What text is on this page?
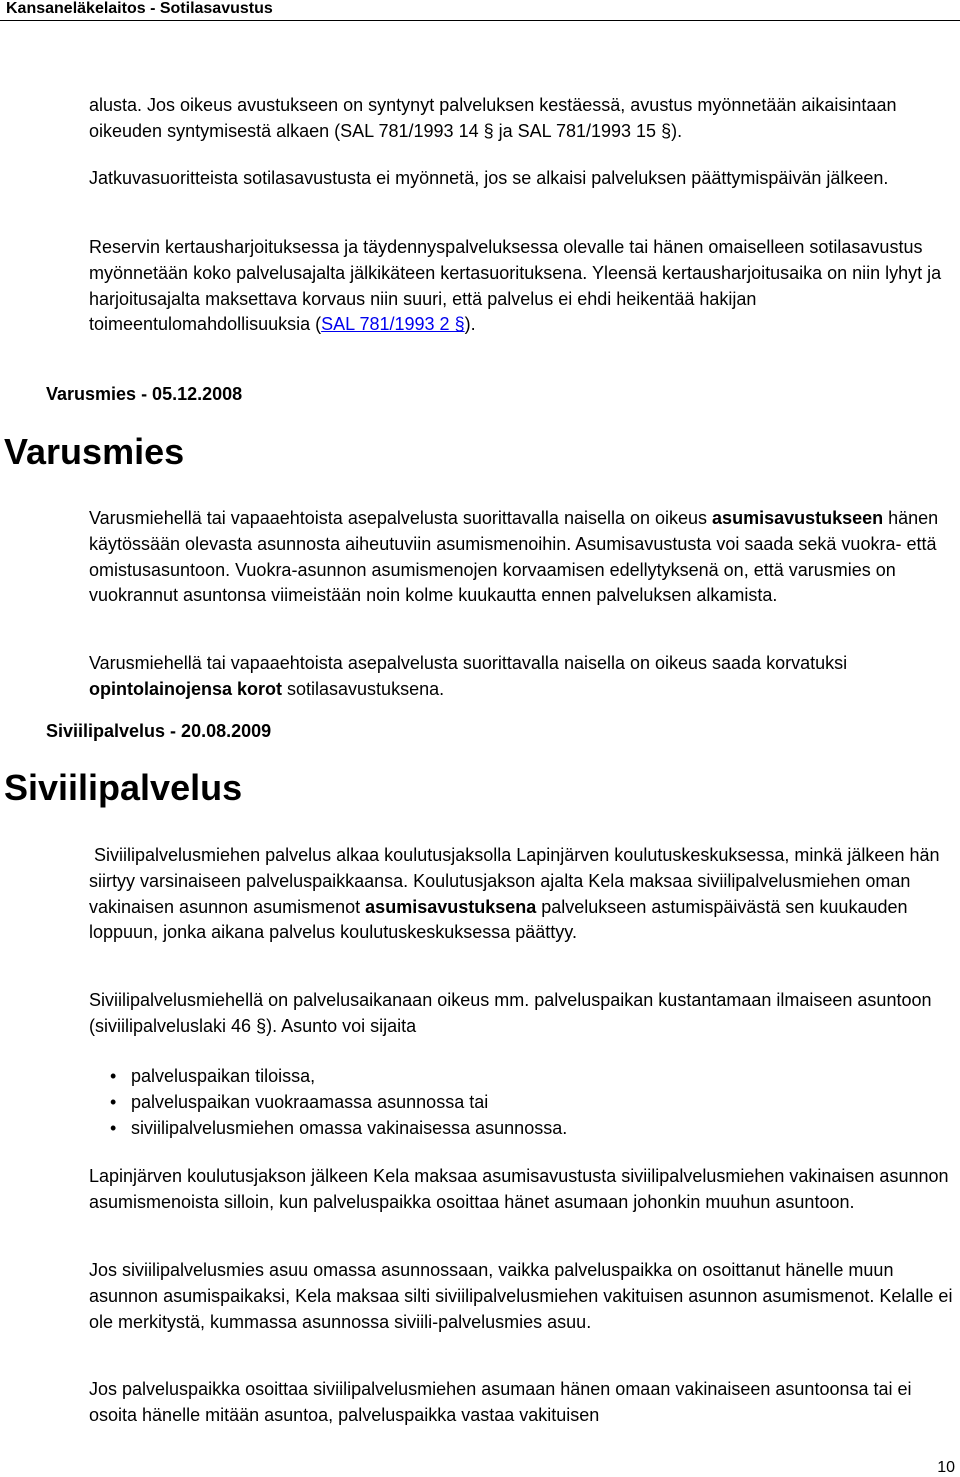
Kansaneläkelaitos - Sotilasavustus

alusta. Jos oikeus avustukseen on syntynyt palveluksen kestäessä, avustus myönnetään aikaisintaan oikeuden syntymisestä alkaen (SAL 781/1993 14 § ja SAL 781/1993 15 §).

Jatkuvasuoritteista sotilasavustusta ei myönnetä, jos se alkaisi palveluksen päättymispäivän jälkeen.

Reservin kertausharjoituksessa ja täydennyspalveluksessa olevalle tai hänen omaiselleen sotilasavustus myönnetään koko palvelusajalta jälkikäteen kertasuorituksena. Yleensä kertausharjoitusaika on niin lyhyt ja harjoitusajalta maksettava korvaus niin suuri, että palvelus ei ehdi heikentää hakijan toimeentulomahdollisuuksia (SAL 781/1993 2 §).

Varusmies - 05.12.2008

Varusmies

Varusmiehellä tai vapaaehtoista asepalvelusta suorittavalla naisella on oikeus asumisavustukseen hänen käytössään olevasta asunnosta aiheutuviin asumismenoihin. Asumisavustusta voi saada sekä vuokra- että omistusasuntoon. Vuokra-asunnon asumismenojen korvaamisen edellytyksenä on, että varusmies on vuokrannut asuntonsa viimeistään noin kolme kuukautta ennen palveluksen alkamista.

Varusmiehellä tai vapaaehtoista asepalvelusta suorittavalla naisella on oikeus saada korvatuksi opintolainojensa korot sotilasavustuksena.

Siviilipalvelus - 20.08.2009

Siviilipalvelus

Siviilipalvelusmiehen palvelus alkaa koulutusjaksolla Lapinjärven koulutuskeskuksessa, minkä jälkeen hän siirtyy varsinaiseen palveluspaikkaansa. Koulutusjakson ajalta Kela maksaa siviilipalvelusmiehen oman vakinaisen asunnon asumismenot asumisavustuksena palvelukseen astumispäivästä sen kuukauden loppuun, jonka aikana palvelus koulutuskeskuksessa päättyy.

Siviilipalvelusmiehellä on palvelusaikanaan oikeus mm. palveluspaikan kustantamaan ilmaiseen asuntoon (siviilipalveluslaki 46 §). Asunto voi sijaita

• palveluspaikan tiloissa,
• palveluspaikan vuokraamassa asunnossa tai
• siviilipalvelusmiehen omassa vakinaisessa asunnossa.

Lapinjärven koulutusjakson jälkeen Kela maksaa asumisavustusta siviilipalvelusmiehen vakinaisen asunnon asumismenoista silloin, kun palveluspaikka osoittaa hänet asumaan johonkin muuhun asuntoon.

Jos siviilipalvelusmies asuu omassa asunnossaan, vaikka palveluspaikka on osoittanut hänelle muun asunnon asumispaikaksi, Kela maksaa silti siviilipalvelusmiehen vakituisen asunnon asumismenot. Kelalle ei ole merkitystä, kummassa asunnossa siviili-palvelusmies asuu.

Jos palveluspaikka osoittaa siviilipalvelusmiehen asumaan hänen omaan vakinaiseen asuntoonsa tai ei osoita hänelle mitään asuntoa, palveluspaikka vastaa vakituisen

10
